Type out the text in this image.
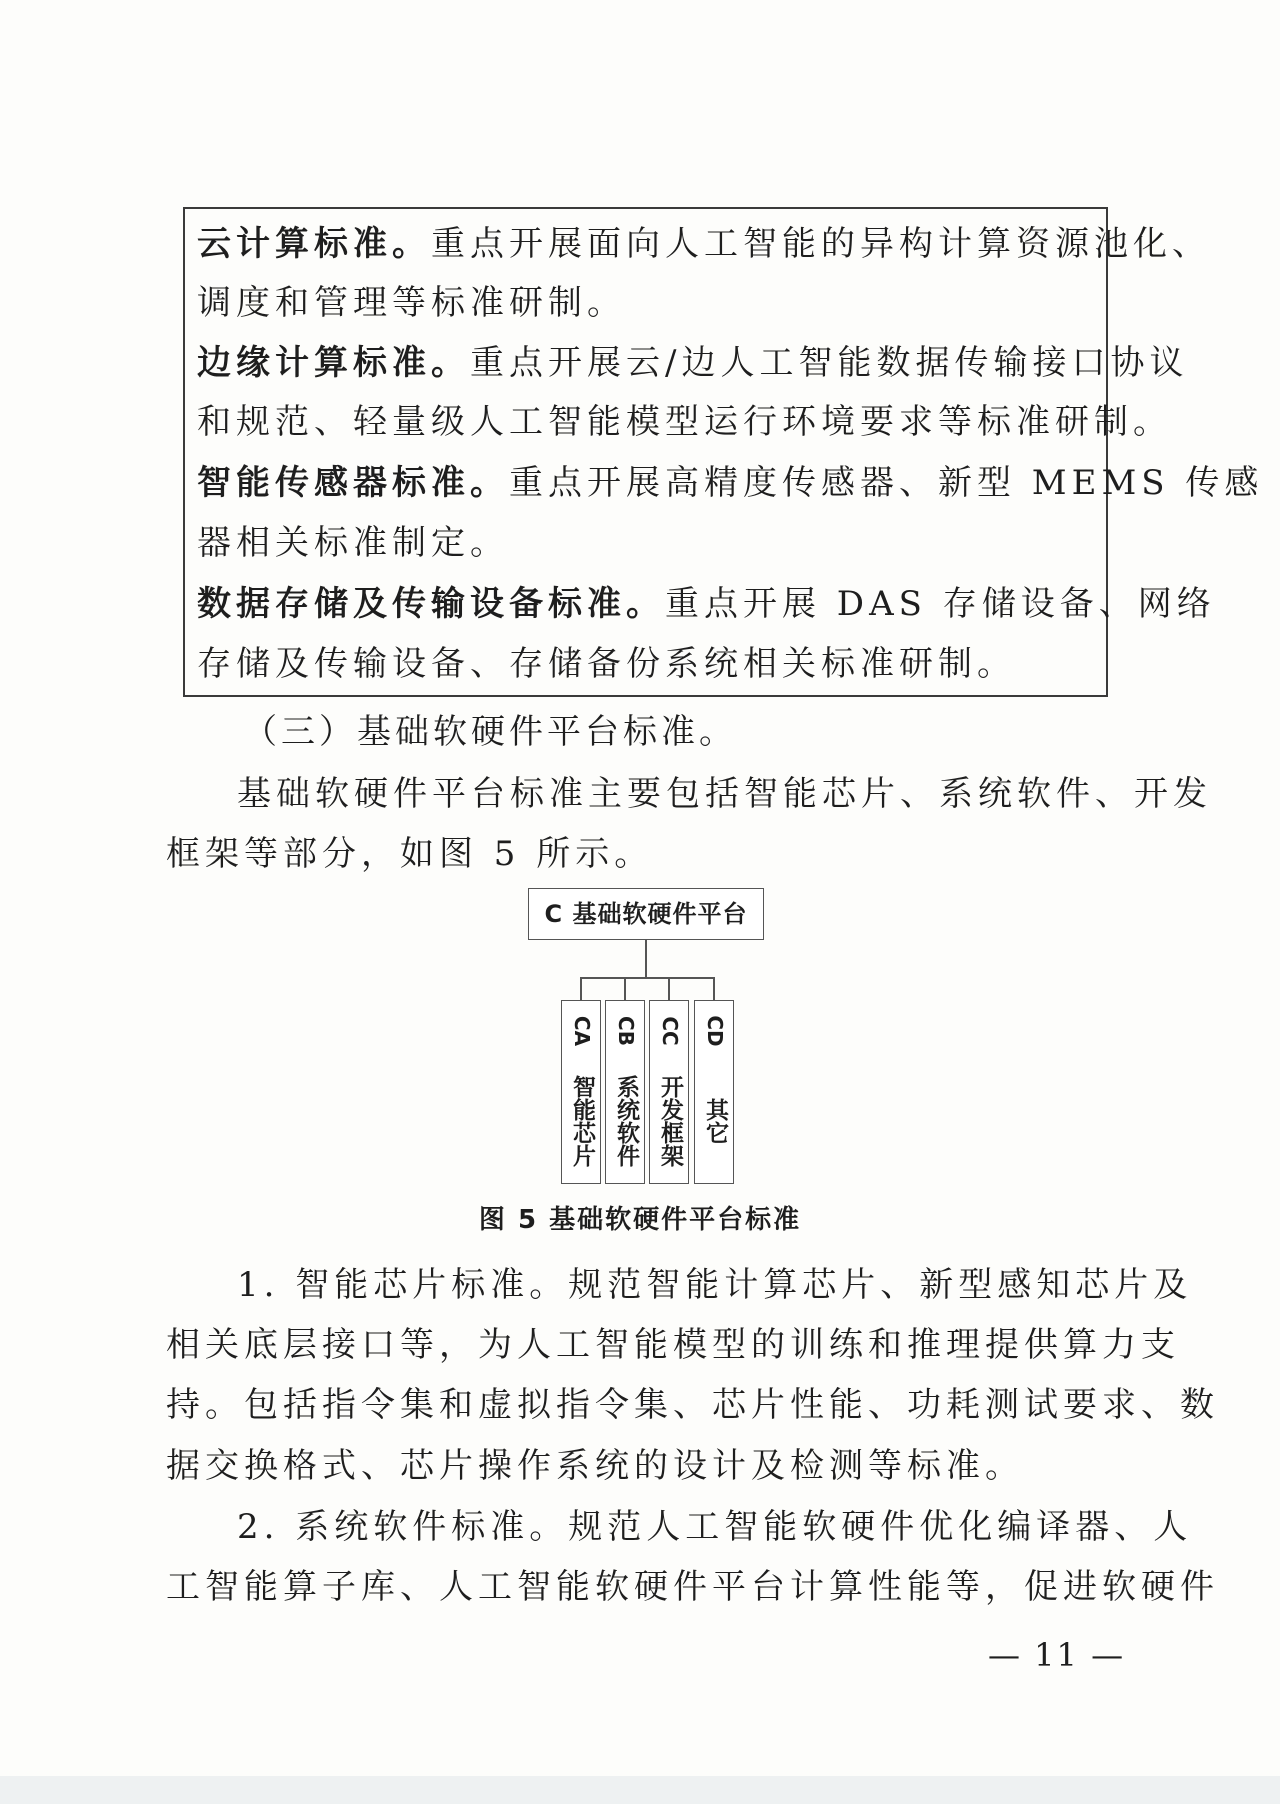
云计算标准。重点开展面向人工智能的异构计算资源池化、
调度和管理等标准研制。
边缘计算标准。重点开展云/边人工智能数据传输接口协议
和规范、轻量级人工智能模型运行环境要求等标准研制。
智能传感器标准。重点开展高精度传感器、新型 MEMS 传感
器相关标准制定。
数据存储及传输设备标准。重点开展 DAS 存储设备、网络
存储及传输设备、存储备份系统相关标准研制。
（三）基础软硬件平台标准。
基础软硬件平台标准主要包括智能芯片、系统软件、开发
框架等部分，如图 5 所示。
C 基础软硬件平台
CA
智能芯片
CB
系统软件
CC
开发框架
CD
其它
图 5 基础软硬件平台标准
1. 智能芯片标准。规范智能计算芯片、新型感知芯片及
相关底层接口等，为人工智能模型的训练和推理提供算力支
持。包括指令集和虚拟指令集、芯片性能、功耗测试要求、数
据交换格式、芯片操作系统的设计及检测等标准。
2. 系统软件标准。规范人工智能软硬件优化编译器、人
工智能算子库、人工智能软硬件平台计算性能等，促进软硬件
— 11 —
